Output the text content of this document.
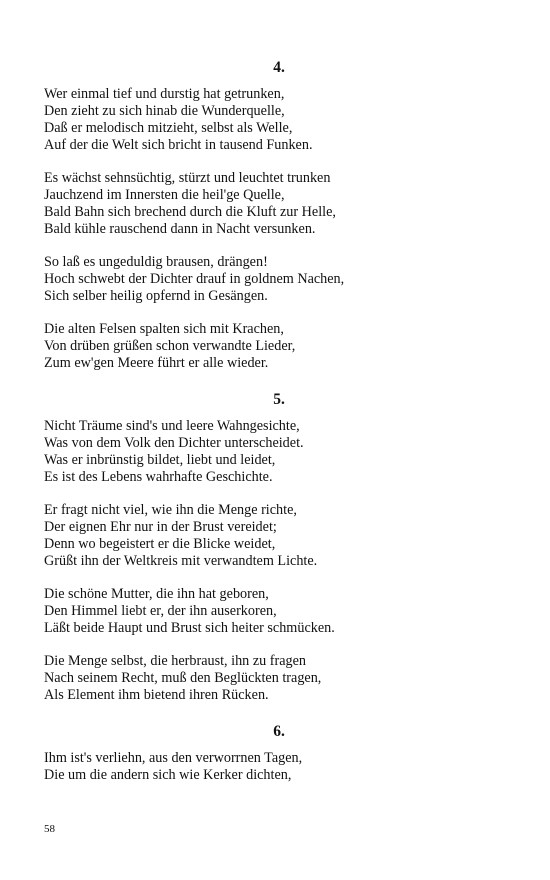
4.
Wer einmal tief und durstig hat getrunken,
Den zieht zu sich hinab die Wunderquelle,
Daß er melodisch mitzieht, selbst als Welle,
Auf der die Welt sich bricht in tausend Funken.
Es wächst sehnsüchtig, stürzt und leuchtet trunken
Jauchzend im Innersten die heil'ge Quelle,
Bald Bahn sich brechend durch die Kluft zur Helle,
Bald kühle rauschend dann in Nacht versunken.
So laß es ungeduldig brausen, drängen!
Hoch schwebt der Dichter drauf in goldnem Nachen,
Sich selber heilig opfernd in Gesängen.
Die alten Felsen spalten sich mit Krachen,
Von drüben grüßen schon verwandte Lieder,
Zum ew'gen Meere führt er alle wieder.
5.
Nicht Träume sind's und leere Wahngesichte,
Was von dem Volk den Dichter unterscheidet.
Was er inbrünstig bildet, liebt und leidet,
Es ist des Lebens wahrhafte Geschichte.
Er fragt nicht viel, wie ihn die Menge richte,
Der eignen Ehr nur in der Brust vereidet;
Denn wo begeistert er die Blicke weidet,
Grüßt ihn der Weltkreis mit verwandtem Lichte.
Die schöne Mutter, die ihn hat geboren,
Den Himmel liebt er, der ihn auserkoren,
Läßt beide Haupt und Brust sich heiter schmücken.
Die Menge selbst, die herbraust, ihn zu fragen
Nach seinem Recht, muß den Beglückten tragen,
Als Element ihm bietend ihren Rücken.
6.
Ihm ist's verliehn, aus den verworrnen Tagen,
Die um die andern sich wie Kerker dichten,
58
